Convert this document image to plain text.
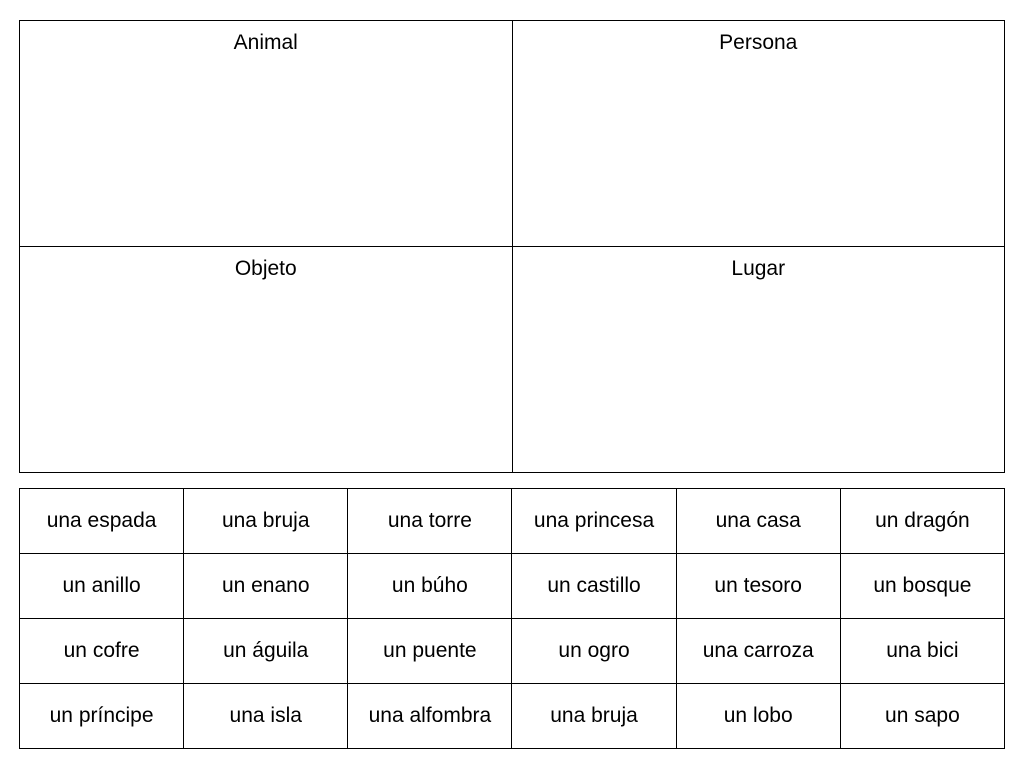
Animal	Persona
Objeto	Lugar
una espada	una bruja	una torre	una princesa	una casa	un dragón
un anillo	un enano	un búho	un castillo	un tesoro	un bosque
un cofre	un águila	un puente	un ogro	una carroza	una bici
un príncipe	una isla	una alfombra	una bruja	un lobo	un sapo
